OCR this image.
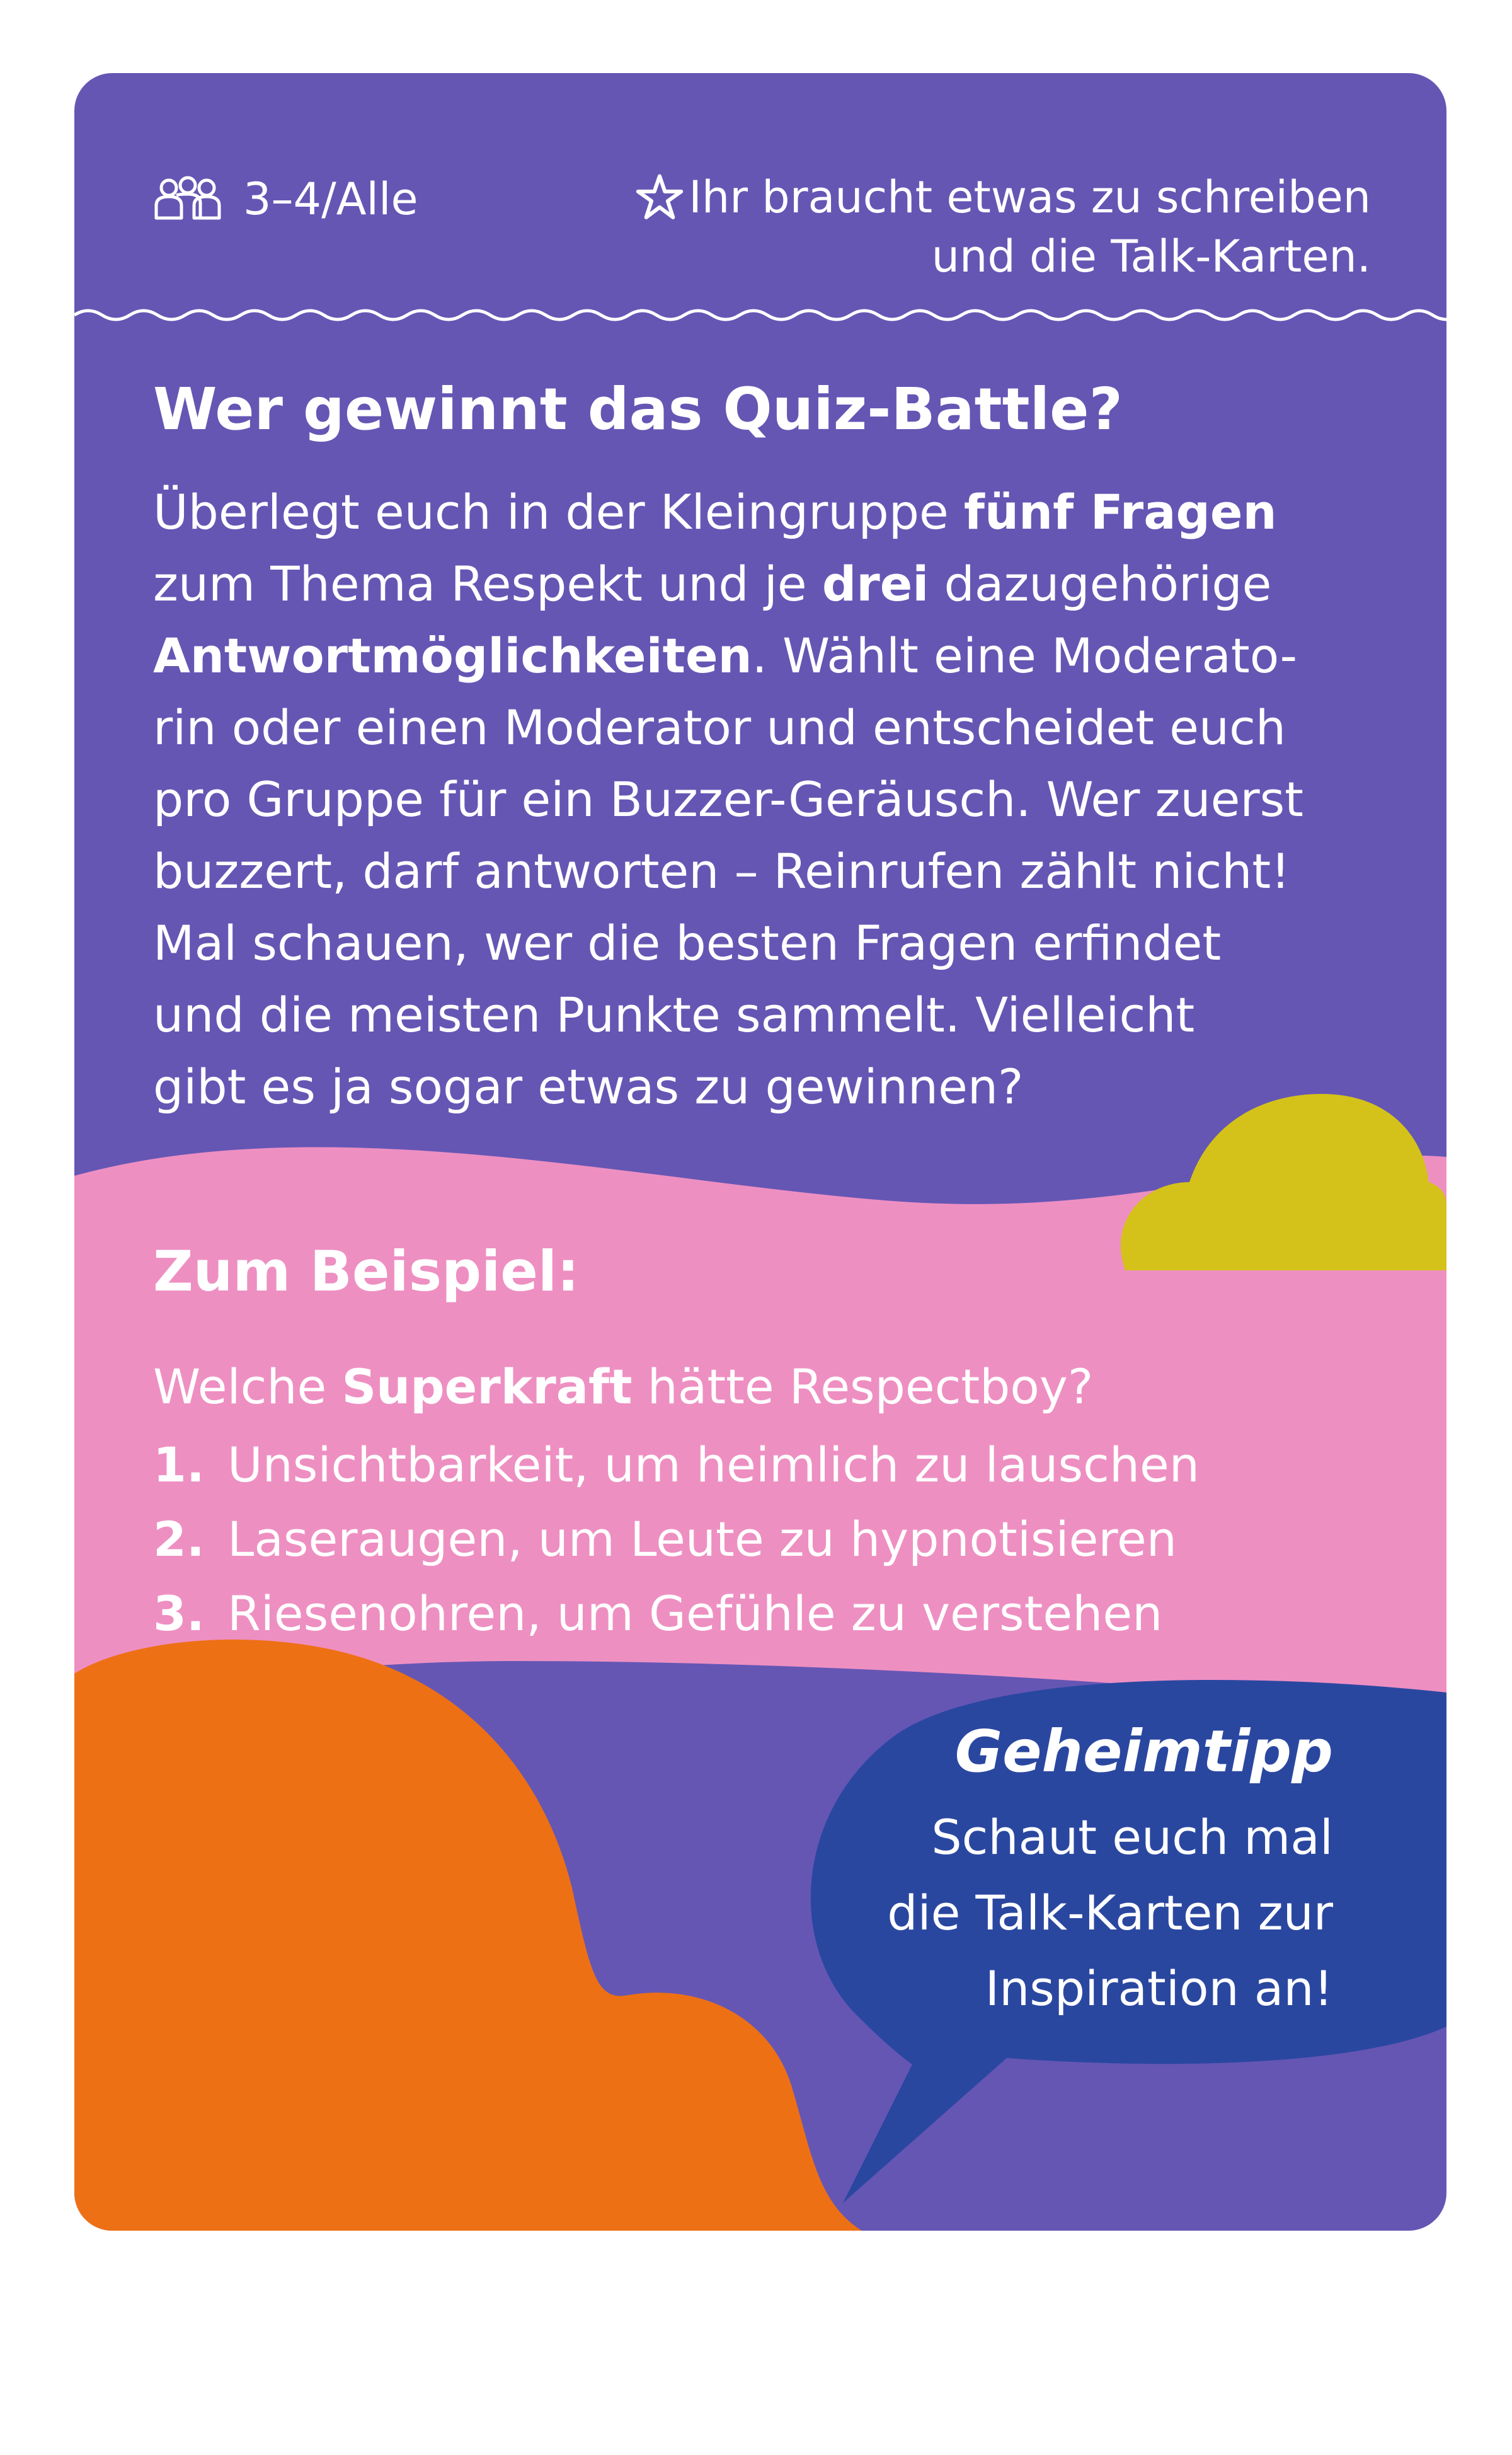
3–4/Alle	Ihr braucht etwas zu schreiben
und die Talk-Karten.
Wer gewinnt das Quiz-Battle?
Überlegt euch in der Kleingruppe fünf Fragen
zum Thema Respekt und je drei dazugehörige
Antwortmöglichkeiten. Wählt eine Moderato-
rin oder einen Moderator und entscheidet euch
pro Gruppe für ein Buzzer-Geräusch. Wer zuerst
buzzert, darf antworten – Reinrufen zählt nicht!
Mal schauen, wer die besten Fragen erfindet
und die meisten Punkte sammelt. Vielleicht
gibt es ja sogar etwas zu gewinnen?
Zum Beispiel:
Welche Superkraft hätte Respectboy?
1. Unsichtbarkeit, um heimlich zu lauschen
2. Laseraugen, um Leute zu hypnotisieren
3. Riesenohren, um Gefühle zu verstehen
Geheimtipp
Schaut euch mal
die Talk-Karten zur
Inspiration an!
